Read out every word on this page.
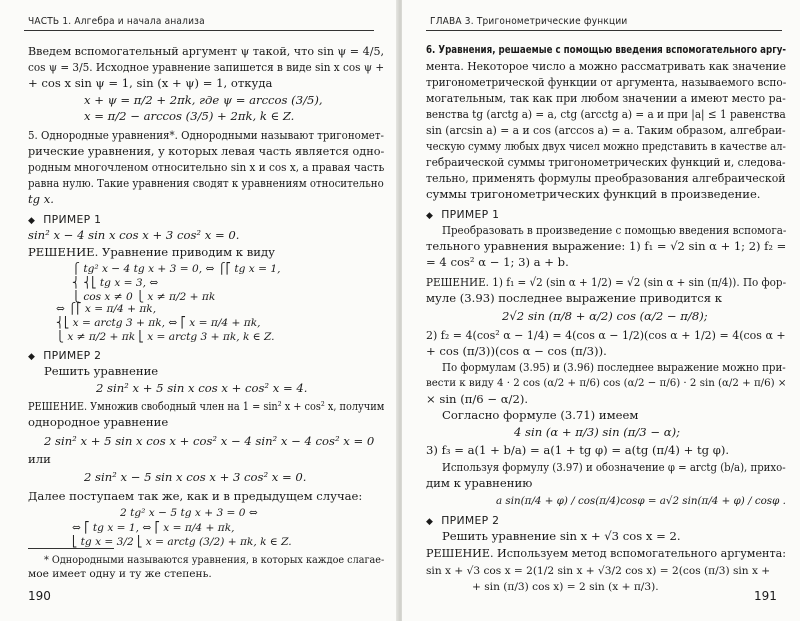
ЧАСТЬ 1. Алгебра и начала анализа
Введем вспомогательный аргумент ψ такой, что sin ψ = 4/5,
cos ψ = 3/5. Исходное уравнение запишется в виде sin x cos ψ +
+ cos x sin ψ = 1, sin (x + ψ) = 1, откуда
x + ψ = π/2 + 2πk, где ψ = arccos (3/5),
x = π/2 − arccos (3/5) + 2πk, k ∈ Z.
5. Однородные уравнения*. Однородными называют тригономет-
рические уравнения, у которых левая часть является одно-
родным многочленом относительно sin x и cos x, а правая часть
равна нулю. Такие уравнения сводят к уравнениям относительно
tg x.
◆ ПРИМЕР 1
sin² x − 4 sin x cos x + 3 cos² x = 0.
РЕШЕНИЕ. Уравнение приводим к виду
⎧ tg² x − 4 tg x + 3 = 0, ⇔ ⎧⎡ tg x = 1,
⎨ ⎨⎣ tg x = 3, ⇔
⎩ cos x ≠ 0 ⎩ x ≠ π/2 + πk
⇔ ⎧⎡ x = π/4 + πk,
⎨⎣ x = arctg 3 + πk, ⇔ ⎡ x = π/4 + πk,
⎩ x ≠ π/2 + πk ⎣ x = arctg 3 + πk, k ∈ Z.
◆ ПРИМЕР 2
Решить уравнение
2 sin² x + 5 sin x cos x + cos² x = 4.
РЕШЕНИЕ. Умножив свободный член на 1 = sin² x + cos² x, получим
однородное уравнение
2 sin² x + 5 sin x cos x + cos² x − 4 sin² x − 4 cos² x = 0
или
2 sin² x − 5 sin x cos x + 3 cos² x = 0.
Далее поступаем так же, как и в предыдущем случае:
2 tg² x − 5 tg x + 3 = 0 ⇔
⇔ ⎡ tg x = 1, ⇔ ⎡ x = π/4 + πk,
⎣ tg x = 3/2 ⎣ x = arctg (3/2) + πk, k ∈ Z.
* Однородными называются уравнения, в которых каждое слагае-
мое имеет одну и ту же степень.
190
ГЛАВА 3. Тригонометрические функции
6. Уравнения, решаемые с помощью введения вспомогательного аргу-
мента. Некоторое число a можно рассматривать как значение
тригонометрической функции от аргумента, называемого вспо-
могательным, так как при любом значении a имеют место ра-
венства tg (arctg a) = a, ctg (arcctg a) = a и при |a| ≤ 1 равенства
sin (arcsin a) = a и cos (arccos a) = a. Таким образом, алгебраи-
ческую сумму любых двух чисел можно представить в качестве ал-
гебраической суммы тригонометрических функций и, следова-
тельно, применять формулы преобразования алгебраической
суммы тригонометрических функций в произведение.
◆ ПРИМЕР 1
Преобразовать в произведение с помощью введения вспомога-
тельного уравнения выражение: 1) f₁ = √2 sin α + 1; 2) f₂ =
= 4 cos² α − 1; 3) a + b.
РЕШЕНИЕ. 1) f₁ = √2 (sin α + 1/2) = √2 (sin α + sin (π/4)). По фор-
муле (3.93) последнее выражение приводится к
2√2 sin (π/8 + α/2) cos (α/2 − π/8);
2) f₂ = 4(cos² α − 1/4) = 4(cos α − 1/2)(cos α + 1/2) = 4(cos α +
+ cos (π/3))(cos α − cos (π/3)).
По формулам (3.95) и (3.96) последнее выражение можно при-
вести к виду 4 · 2 cos (α/2 + π/6) cos (α/2 − π/6) · 2 sin (α/2 + π/6) ×
× sin (π/6 − α/2).
Согласно формуле (3.71) имеем
4 sin (α + π/3) sin (π/3 − α);
3) f₃ = a(1 + b/a) = a(1 + tg φ) = a(tg (π/4) + tg φ).
Используя формулу (3.97) и обозначение φ = arctg (b/a), прихо-
дим к уравнению
a sin(π/4 + φ) / cos(π/4)cosφ = a√2 sin(π/4 + φ) / cosφ .
◆ ПРИМЕР 2
Решить уравнение sin x + √3 cos x = 2.
РЕШЕНИЕ. Используем метод вспомогательного аргумента:
sin x + √3 cos x = 2(1/2 sin x + √3/2 cos x) = 2(cos (π/3) sin x +
+ sin (π/3) cos x) = 2 sin (x + π/3).
191
